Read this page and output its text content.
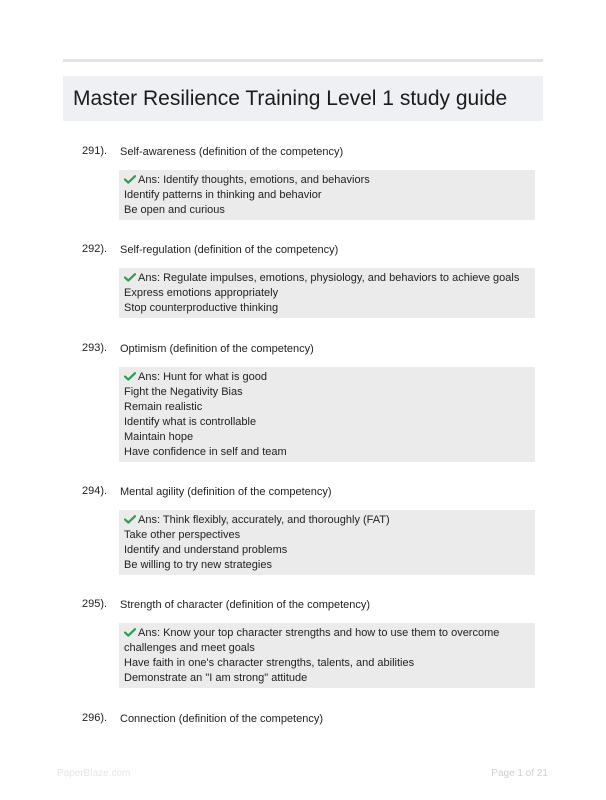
Master Resilience Training Level 1 study guide
291). Self-awareness (definition of the competency)
Ans: Identify thoughts, emotions, and behaviors
Identify patterns in thinking and behavior
Be open and curious
292). Self-regulation (definition of the competency)
Ans: Regulate impulses, emotions, physiology, and behaviors to achieve goals
Express emotions appropriately
Stop counterproductive thinking
293). Optimism (definition of the competency)
Ans: Hunt for what is good
Fight the Negativity Bias
Remain realistic
Identify what is controllable
Maintain hope
Have confidence in self and team
294). Mental agility (definition of the competency)
Ans: Think flexibly, accurately, and thoroughly (FAT)
Take other perspectives
Identify and understand problems
Be willing to try new strategies
295). Strength of character (definition of the competency)
Ans: Know your top character strengths and how to use them to overcome
challenges and meet goals
Have faith in one's character strengths, talents, and abilities
Demonstrate an "I am strong" attitude
296). Connection (definition of the competency)
PaperBlaze.com	Page 1 of 21
